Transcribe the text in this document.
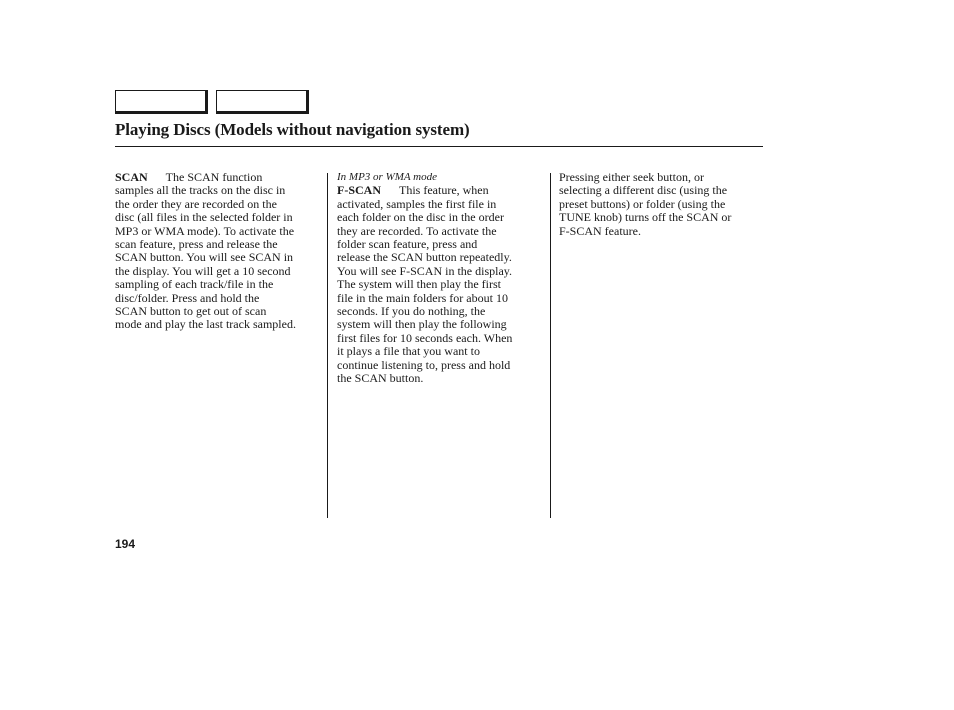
Playing Discs (Models without navigation system)

SCAN The SCAN function
samples all the tracks on the disc in
the order they are recorded on the
disc (all files in the selected folder in
MP3 or WMA mode). To activate the
scan feature, press and release the
SCAN button. You will see SCAN in
the display. You will get a 10 second
sampling of each track/file in the
disc/folder. Press and hold the
SCAN button to get out of scan
mode and play the last track sampled.

In MP3 or WMA mode

F-SCAN This feature, when
activated, samples the first file in
each folder on the disc in the order
they are recorded. To activate the
folder scan feature, press and
release the SCAN button repeatedly.
You will see F-SCAN in the display.
The system will then play the first
file in the main folders for about 10
seconds. If you do nothing, the
system will then play the following
first files for 10 seconds each. When
it plays a file that you want to
continue listening to, press and hold
the SCAN button.

Pressing either seek button, or
selecting a different disc (using the
preset buttons) or folder (using the
TUNE knob) turns off the SCAN or
F-SCAN feature.

194
